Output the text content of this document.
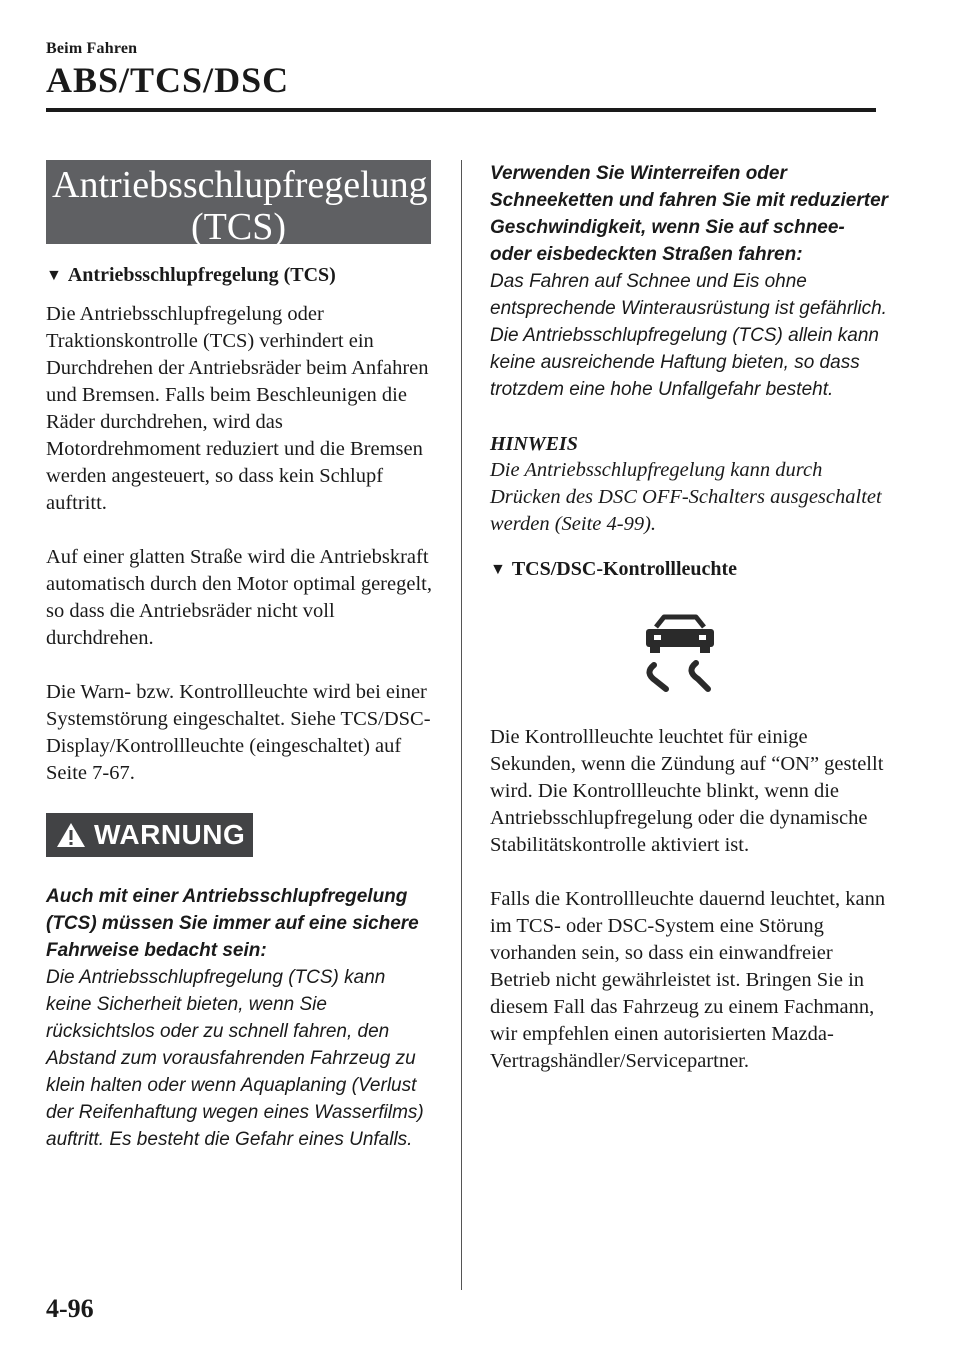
Beim Fahren
ABS/TCS/DSC
Antriebsschlupfregelung
(TCS)
▼ Antriebsschlupfregelung (TCS)

Die Antriebsschlupfregelung oder Traktionskontrolle (TCS) verhindert ein Durchdrehen der Antriebsräder beim Anfahren und Bremsen. Falls beim Beschleunigen die Räder durchdrehen, wird das Motordrehmoment reduziert und die Bremsen werden angesteuert, so dass kein Schlupf auftritt.

Auf einer glatten Straße wird die Antriebskraft automatisch durch den Motor optimal geregelt, so dass die Antriebsräder nicht voll durchdrehen.

Die Warn- bzw. Kontrollleuchte wird bei einer Systemstörung eingeschaltet. Siehe TCS/DSC-Display/Kontrollleuchte (eingeschaltet) auf Seite 7-67.

WARNUNG
Auch mit einer Antriebsschlupfregelung (TCS) müssen Sie immer auf eine sichere Fahrweise bedacht sein:
Die Antriebsschlupfregelung (TCS) kann keine Sicherheit bieten, wenn Sie rücksichtslos oder zu schnell fahren, den Abstand zum vorausfahrenden Fahrzeug zu klein halten oder wenn Aquaplaning (Verlust der Reifenhaftung wegen eines Wasserfilms) auftritt. Es besteht die Gefahr eines Unfalls.
Verwenden Sie Winterreifen oder Schneeketten und fahren Sie mit reduzierter Geschwindigkeit, wenn Sie auf schnee- oder eisbedeckten Straßen fahren:
Das Fahren auf Schnee und Eis ohne entsprechende Winterausrüstung ist gefährlich. Die Antriebsschlupfregelung (TCS) allein kann keine ausreichende Haftung bieten, so dass trotzdem eine hohe Unfallgefahr besteht.
HINWEIS
Die Antriebsschlupfregelung kann durch Drücken des DSC OFF-Schalters ausgeschaltet werden (Seite 4-99).
▼ TCS/DSC-Kontrollleuchte

Die Kontrollleuchte leuchtet für einige Sekunden, wenn die Zündung auf “ON” gestellt wird. Die Kontrollleuchte blinkt, wenn die Antriebsschlupfregelung oder die dynamische Stabilitätskontrolle aktiviert ist.

Falls die Kontrollleuchte dauernd leuchtet, kann im TCS- oder DSC-System eine Störung vorhanden sein, so dass ein einwandfreier Betrieb nicht gewährleistet ist. Bringen Sie in diesem Fall das Fahrzeug zu einem Fachmann, wir empfehlen einen autorisierten Mazda-Vertragshändler/Servicepartner.

4-96
